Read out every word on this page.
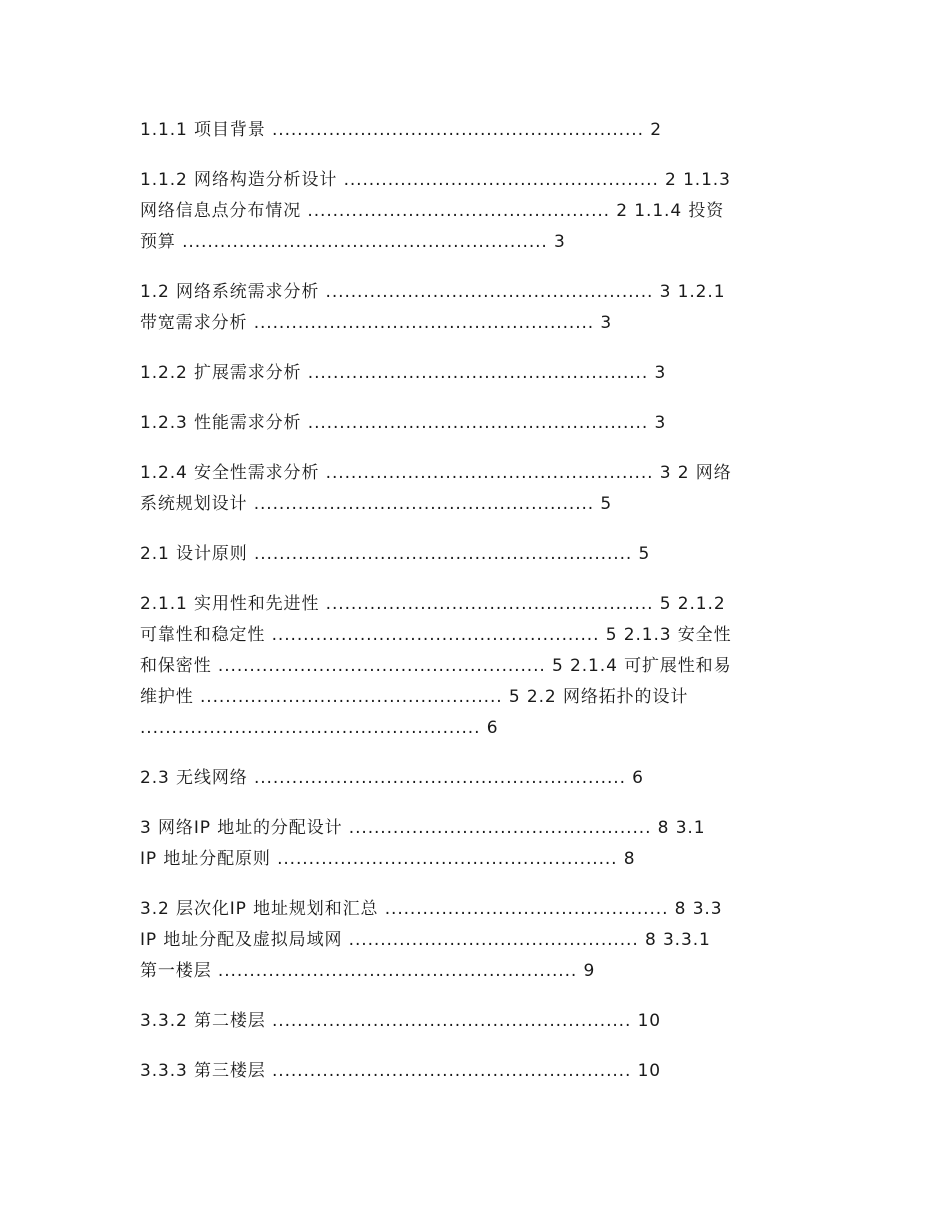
1.1.1 项目背景 ........................................................... 2
1.1.2 网络构造分析设计 .................................................. 2 1.1.3
网络信息点分布情况 ................................................ 2 1.1.4 投资
预算 .......................................................... 3
1.2 网络系统需求分析 .................................................... 3 1.2.1
带宽需求分析 ...................................................... 3
1.2.2 扩展需求分析 ...................................................... 3
1.2.3 性能需求分析 ...................................................... 3
1.2.4 安全性需求分析 .................................................... 3 2 网络
系统规划设计 ...................................................... 5
2.1 设计原则 ............................................................ 5
2.1.1 实用性和先进性 .................................................... 5 2.1.2
可靠性和稳定性 .................................................... 5 2.1.3 安全性
和保密性 .................................................... 5 2.1.4 可扩展性和易
维护性 ................................................ 5 2.2 网络拓扑的设计
...................................................... 6
2.3 无线网络 ........................................................... 6
3 网络IP 地址的分配设计 ................................................ 8 3.1
IP 地址分配原则 ...................................................... 8
3.2 层次化IP 地址规划和汇总 ............................................. 8 3.3
IP 地址分配及虚拟局域网 .............................................. 8 3.3.1
第一楼层 ......................................................... 9
3.3.2 第二楼层 ......................................................... 10
3.3.3 第三楼层 ......................................................... 10
